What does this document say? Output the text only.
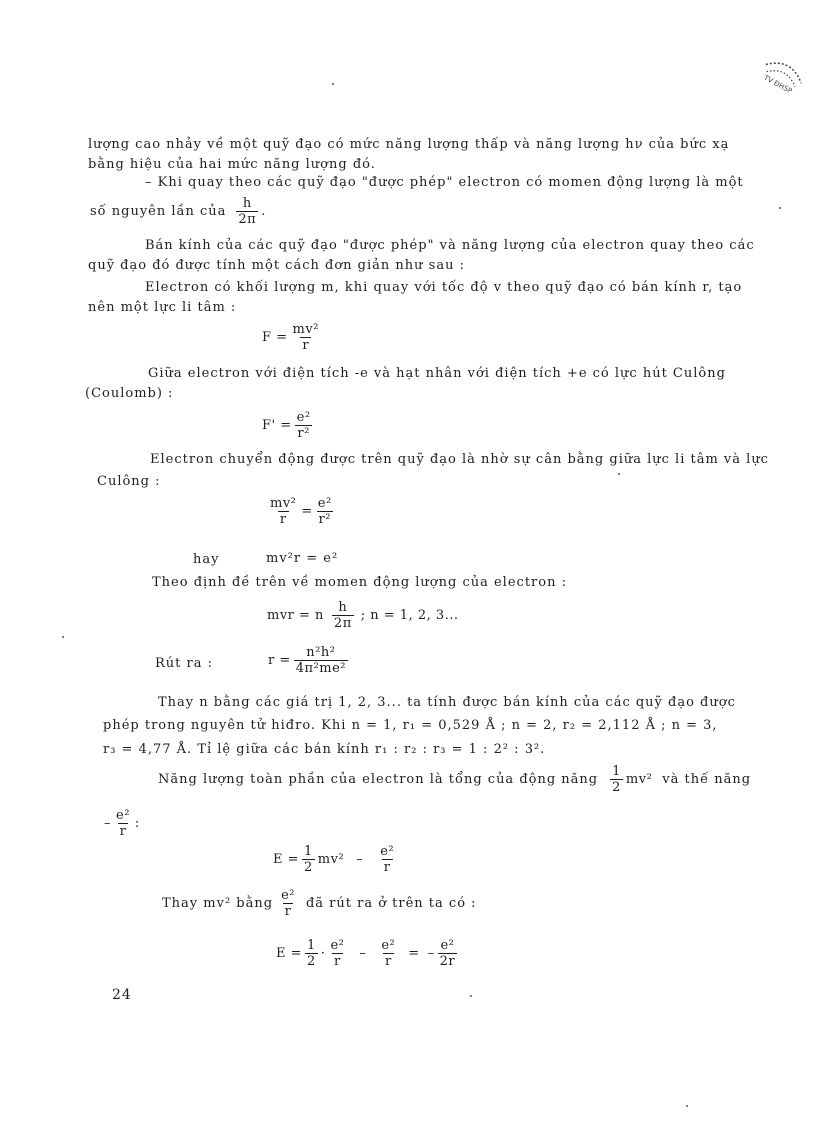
TV ĐHSP
lượng cao nhảy về một quỹ đạo có mức năng lượng thấp và năng lượng hν của bức xạ
bằng hiệu của hai mức năng lượng đó.
– Khi quay theo các quỹ đạo "được phép" electron có momen động lượng là một
số nguyên lần của $\frac{h}{2\pi}$ .
Bán kính của các quỹ đạo "được phép" và năng lượng của electron quay theo các
quỹ đạo đó được tính một cách đơn giản như sau :
Electron có khối lượng m, khi quay với tốc độ v theo quỹ đạo có bán kính r, tạo
nên một lực li tâm :
$F = \frac{\text{mv²}}{r}$
Giữa electron với điện tích -e và hạt nhân với điện tích +e có lực hút Culông
(Coulomb) :
$F' = \frac{\text{e²}}{\text{r²}}$
Electron chuyển động được trên quỹ đạo là nhờ sự cân bằng giữa lực li tâm và lực
Culông :
$\frac{\text{mv²}}{r} = \frac{\text{e²}}{\text{r²}}$
hay	mv²r = e²
Theo định đề trên về momen động lượng của electron :
mvr = n $\frac{h}{2\pi}$ ; n = 1, 2, 3...
Rút ra :	$r = \frac{\text{n²h²}}{\text{4π²me²}}$
Thay n bằng các giá trị 1, 2, 3... ta tính được bán kính của các quỹ đạo được
phép trong nguyên tử hiđro. Khi n = 1, r₁ = 0,529 Å ; n = 2, r₂ = 2,112 Å ; n = 3,
r₃ = 4,77 Å. Tỉ lệ giữa các bán kính r₁ : r₂ : r₃ = 1 : 2² : 3².
Năng lượng toàn phần của electron là tổng của động năng $\frac{1}{2} mv^2$ và thế năng
– $\frac{\text{e²}}{r}$ :
$E = \frac{1}{2} mv^2 - \frac{\text{e²}}{r}$
Thay mv² bằng $\frac{\text{e²}}{r}$ đã rút ra ở trên ta có :
$E = \frac{1}{2} \cdot \frac{\text{e²}}{r} - \frac{\text{e²}}{r}$ = – $\frac{\text{e²}}{2r}$
24
